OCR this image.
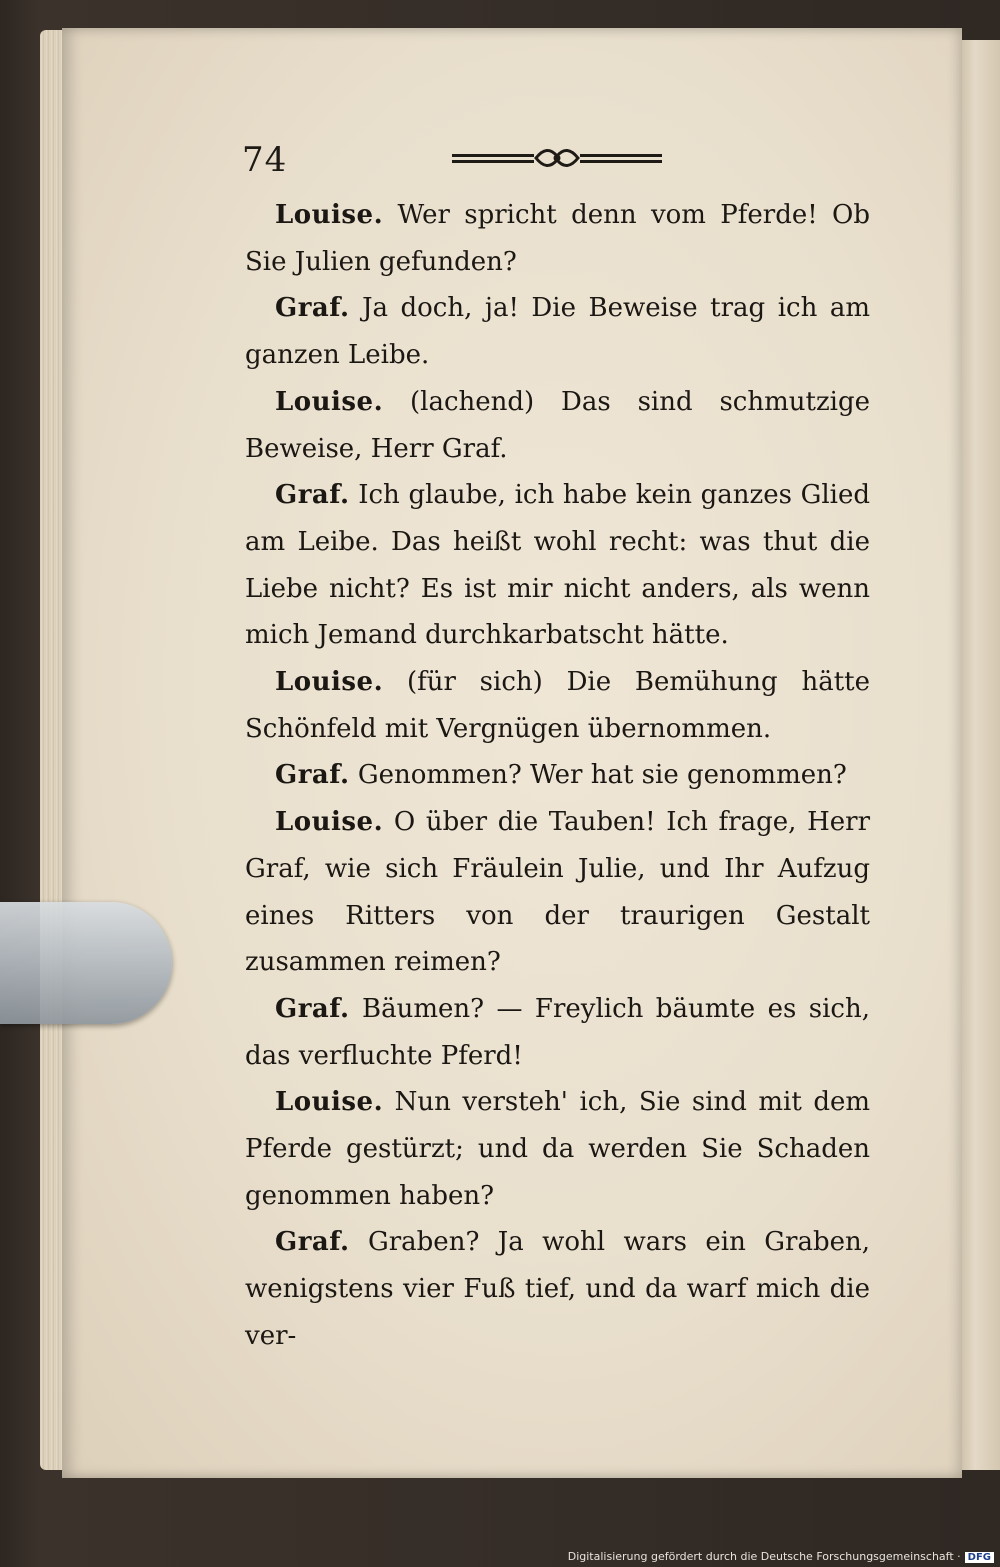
74

Louise. Wer spricht denn vom Pferde! Ob Sie Julien gefunden?

Graf. Ja doch, ja! Die Beweise trag ich am ganzen Leibe.

Louise. (lachend) Das sind schmutzige Beweise, Herr Graf.

Graf. Ich glaube, ich habe kein ganzes Glied am Leibe. Das heißt wohl recht: was thut die Liebe nicht? Es ist mir nicht anders, als wenn mich Jemand durchkarbatscht hätte.

Louise. (für sich) Die Bemühung hätte Schönfeld mit Vergnügen übernommen.

Graf. Genommen? Wer hat sie genommen?

Louise. O über die Tauben! Ich frage, Herr Graf, wie sich Fräulein Julie, und Ihr Aufzug eines Ritters von der traurigen Gestalt zusammen reimen?

Graf. Bäumen? — Freylich bäumte es sich, das verfluchte Pferd!

Louise. Nun versteh' ich, Sie sind mit dem Pferde gestürzt; und da werden Sie Schaden genommen haben?

Graf. Graben? Ja wohl wars ein Graben, wenigstens vier Fuß tief, und da warf mich die ver-

Digitalisierung gefördert durch die Deutsche Forschungsgemeinschaft · DFG
